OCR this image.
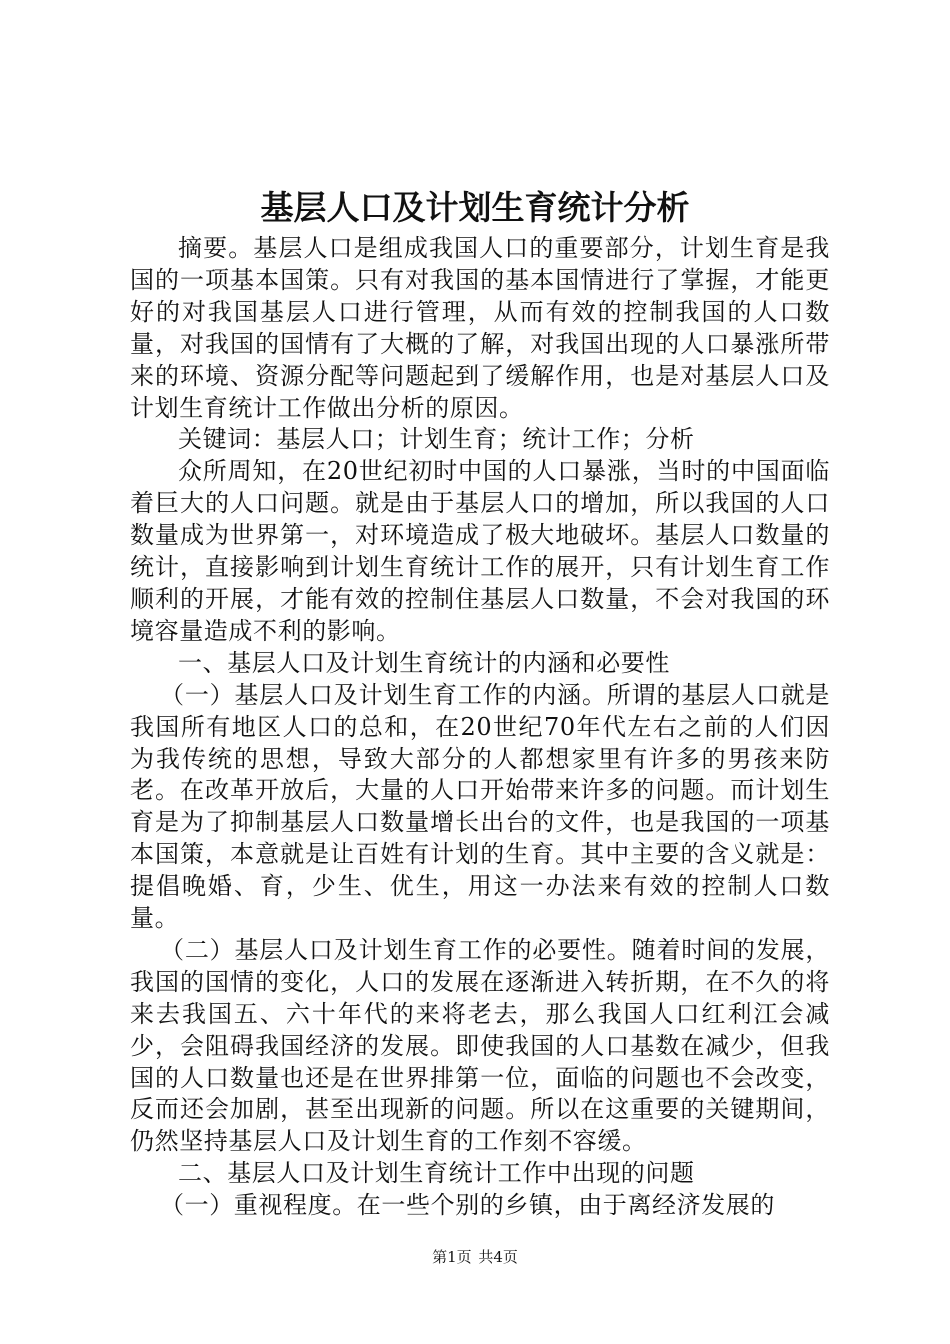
基层人口及计划生育统计分析

摘要。基层人口是组成我国人口的重要部分，计划生育是我国的一项基本国策。只有对我国的基本国情进行了掌握，才能更好的对我国基层人口进行管理，从而有效的控制我国的人口数量，对我国的国情有了大概的了解，对我国出现的人口暴涨所带来的环境、资源分配等问题起到了缓解作用，也是对基层人口及计划生育统计工作做出分析的原因。

关键词：基层人口；计划生育；统计工作；分析

众所周知，在20世纪初时中国的人口暴涨，当时的中国面临着巨大的人口问题。就是由于基层人口的增加，所以我国的人口数量成为世界第一，对环境造成了极大地破坏。基层人口数量的统计，直接影响到计划生育统计工作的展开，只有计划生育工作顺利的开展，才能有效的控制住基层人口数量，不会对我国的环境容量造成不利的影响。

一、基层人口及计划生育统计的内涵和必要性

（一）基层人口及计划生育工作的内涵。所谓的基层人口就是我国所有地区人口的总和，在20世纪70年代左右之前的人们因为我传统的思想，导致大部分的人都想家里有许多的男孩来防老。在改革开放后，大量的人口开始带来许多的问题。而计划生育是为了抑制基层人口数量增长出台的文件，也是我国的一项基本国策，本意就是让百姓有计划的生育。其中主要的含义就是：提倡晚婚、育，少生、优生，用这一办法来有效的控制人口数量。

（二）基层人口及计划生育工作的必要性。随着时间的发展，我国的国情的变化，人口的发展在逐渐进入转折期，在不久的将来去我国五、六十年代的来将老去，那么我国人口红利江会减少，会阻碍我国经济的发展。即使我国的人口基数在减少，但我国的人口数量也还是在世界排第一位，面临的问题也不会改变，反而还会加剧，甚至出现新的问题。所以在这重要的关键期间，仍然坚持基层人口及计划生育的工作刻不容缓。

二、基层人口及计划生育统计工作中出现的问题

（一）重视程度。在一些个别的乡镇，由于离经济发展的

第1页 共4页
